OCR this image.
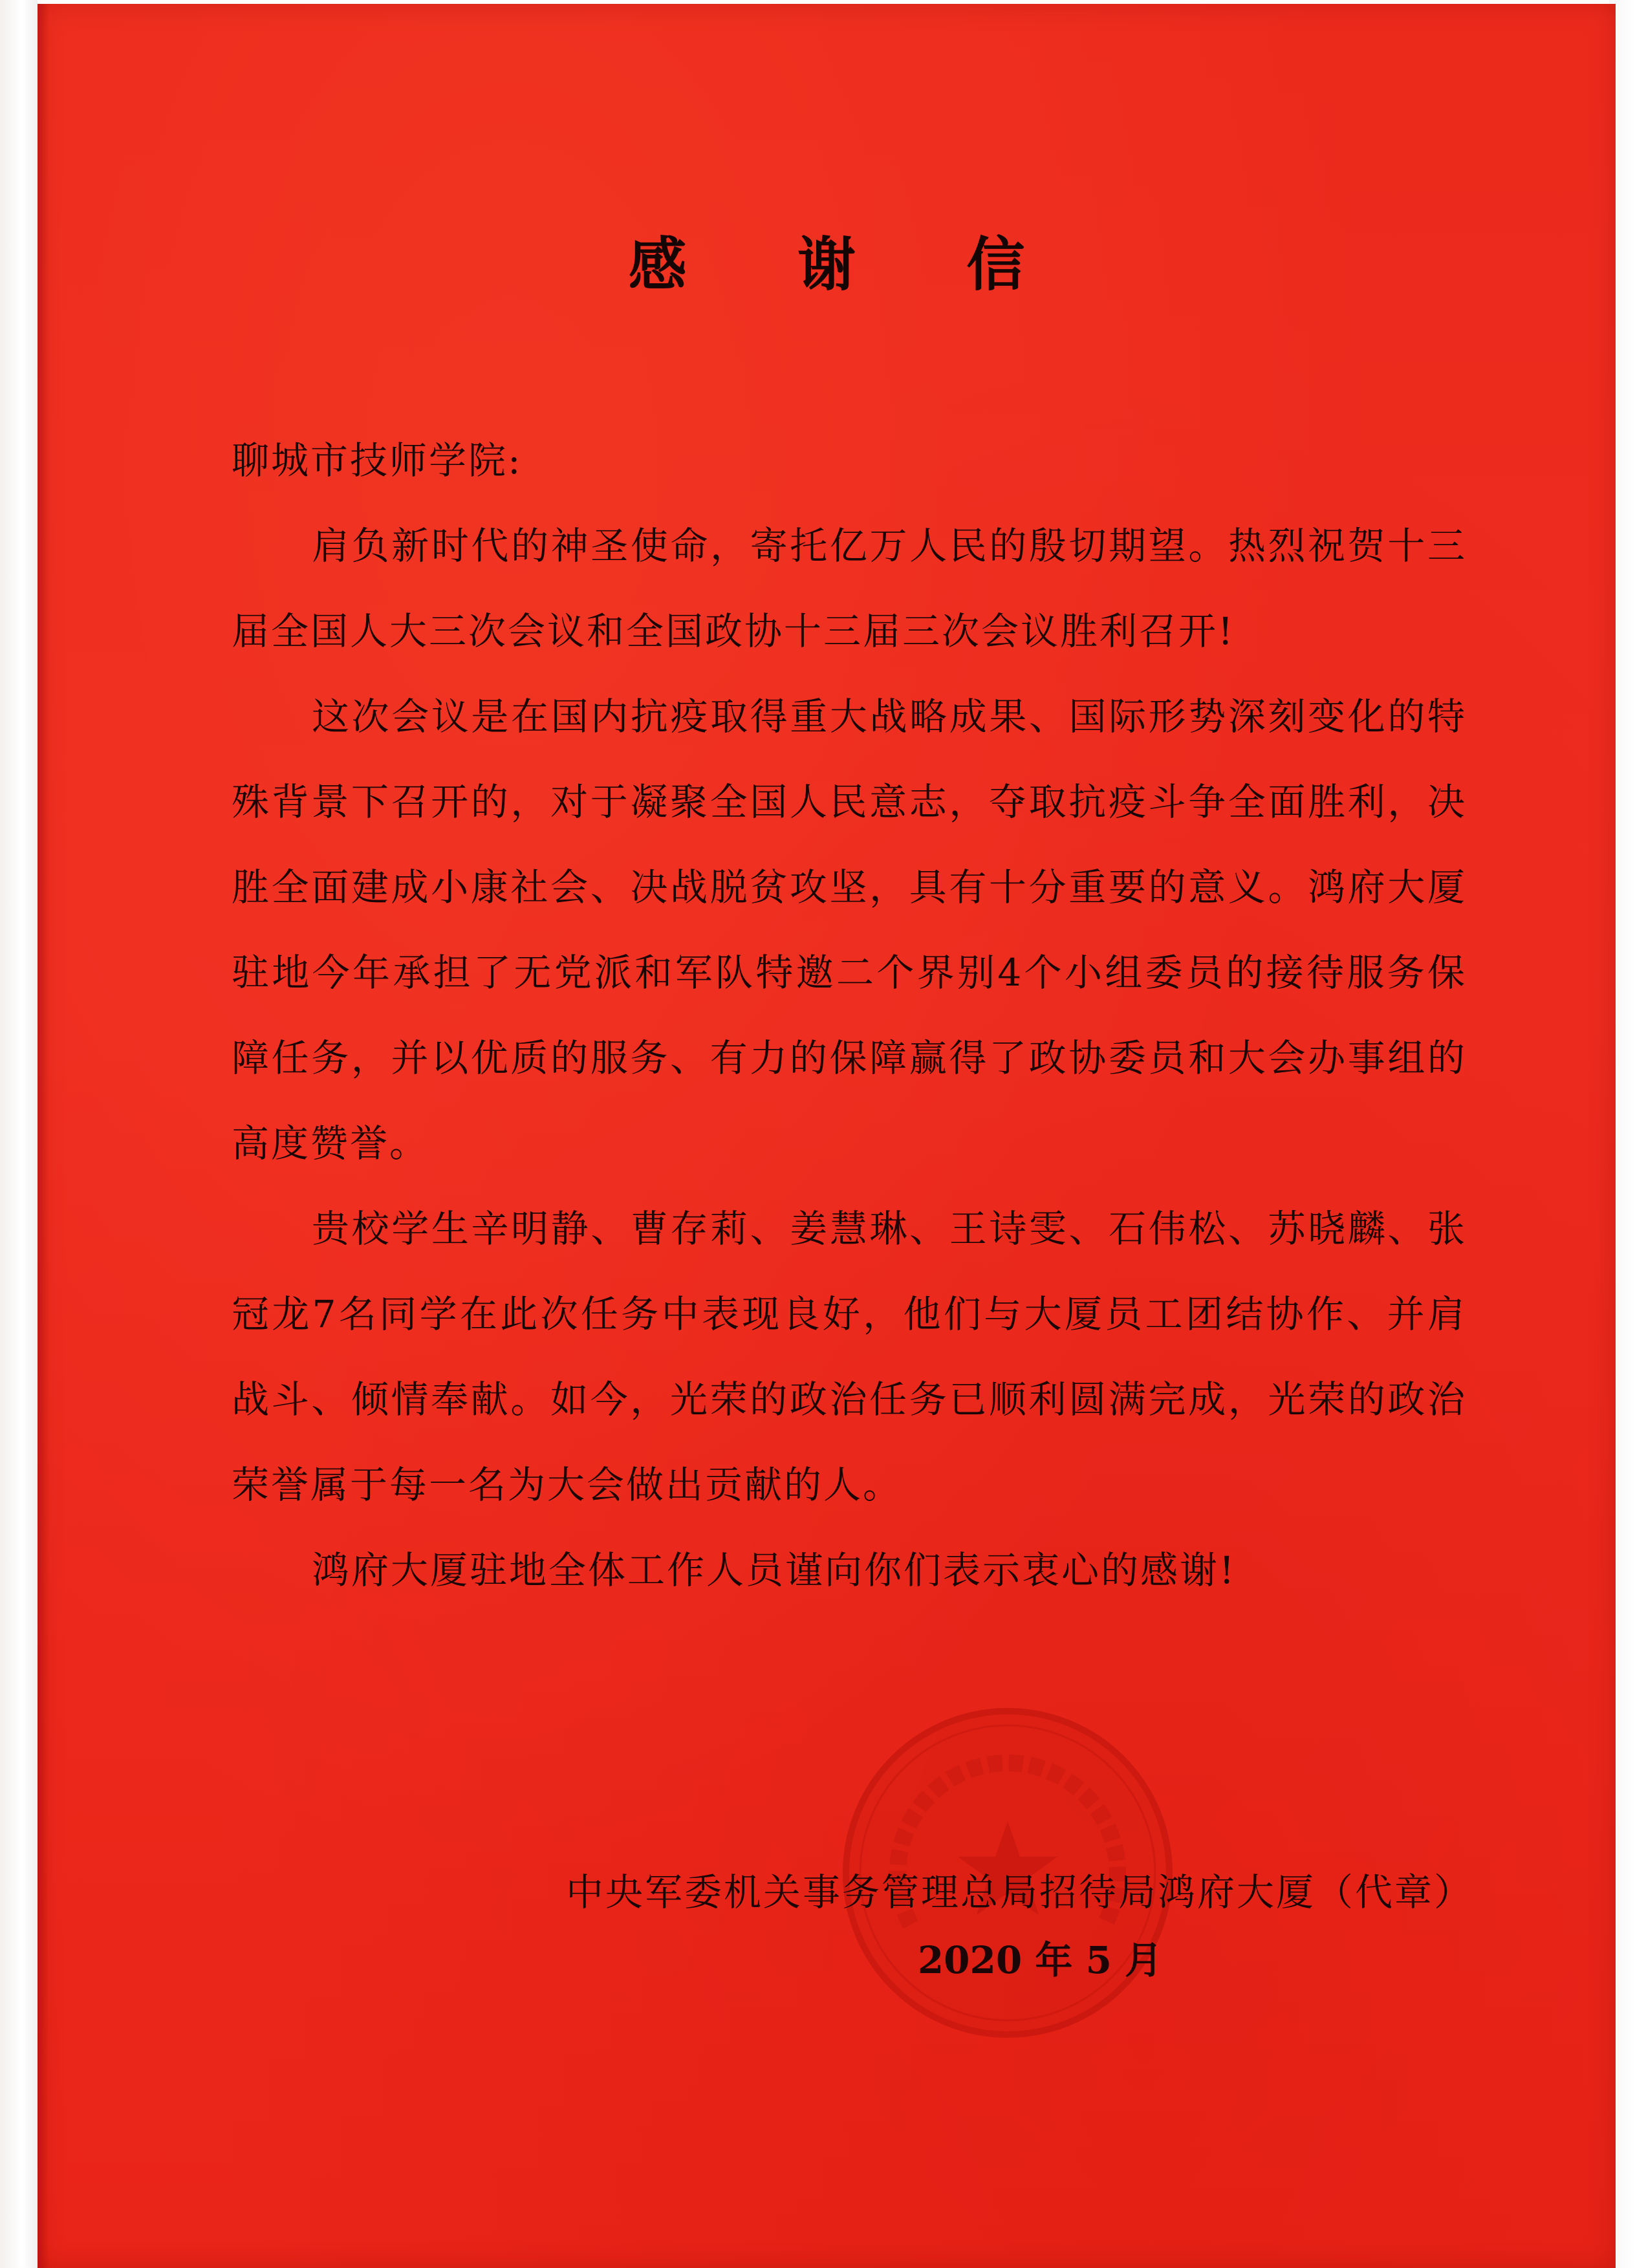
感 谢 信

聊城市技师学院:

肩负新时代的神圣使命，寄托亿万人民的殷切期望。热烈祝贺十三届全国人大三次会议和全国政协十三届三次会议胜利召开!

这次会议是在国内抗疫取得重大战略成果、国际形势深刻变化的特殊背景下召开的，对于凝聚全国人民意志，夺取抗疫斗争全面胜利，决胜全面建成小康社会、决战脱贫攻坚，具有十分重要的意义。鸿府大厦驻地今年承担了无党派和军队特邀二个界别4个小组委员的接待服务保障任务，并以优质的服务、有力的保障赢得了政协委员和大会办事组的高度赞誉。

贵校学生辛明静、曹存莉、姜慧琳、王诗雯、石伟松、苏晓麟、张冠龙7名同学在此次任务中表现良好，他们与大厦员工团结协作、并肩战斗、倾情奉献。如今，光荣的政治任务已顺利圆满完成，光荣的政治荣誉属于每一名为大会做出贡献的人。

鸿府大厦驻地全体工作人员谨向你们表示衷心的感谢!

中央军委机关事务管理总局招待局鸿府大厦（代章）
2020 年 5 月
